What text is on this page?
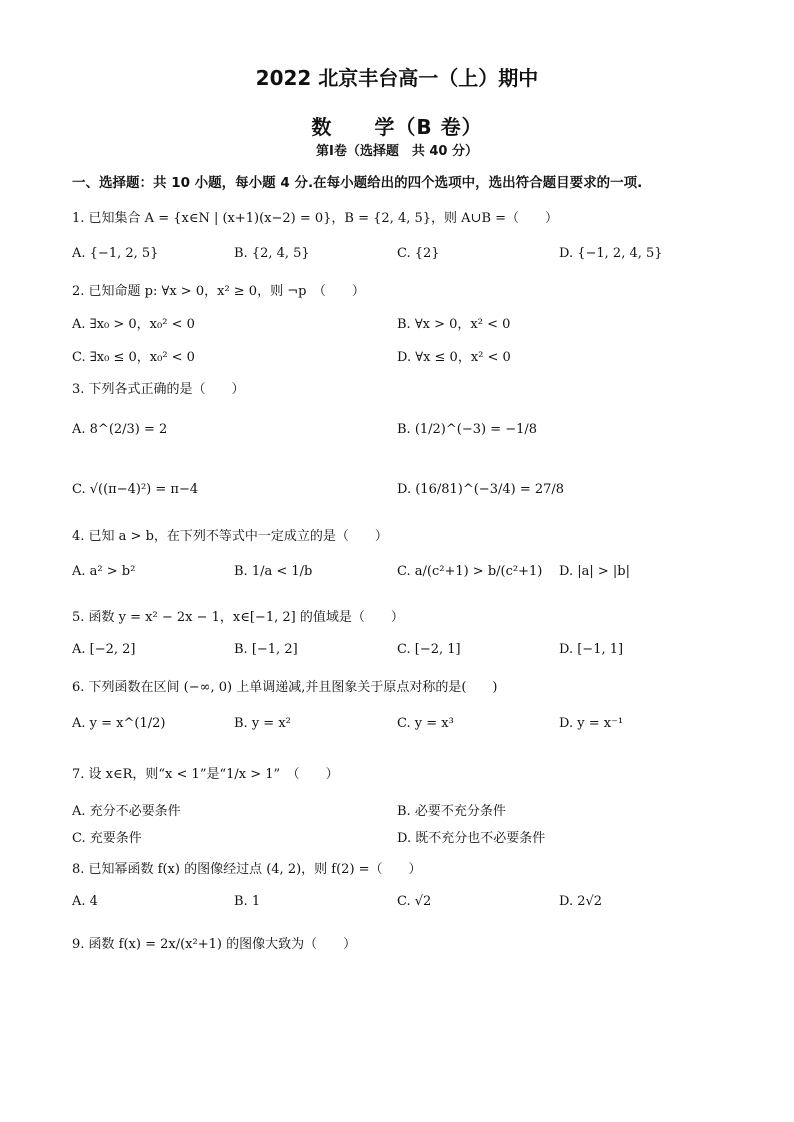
2022 北京丰台高一（上）期中
数　　学（B 卷）
第Ⅰ卷（选择题　共 40 分）
一、选择题：共 10 小题，每小题 4 分.在每小题给出的四个选项中，选出符合题目要求的一项.
1. 已知集合 A = {x∈N | (x+1)(x−2) = 0}，B = {2, 4, 5}，则 A∪B =（　　）
A. {−1, 2, 5}	B. {2, 4, 5}	C. {2}	D. {−1, 2, 4, 5}
2. 已知命题 p: ∀x > 0，x² ≥ 0，则 ¬p　（　　）
A. ∃x₀ > 0，x₀² < 0	B. ∀x > 0，x² < 0
C. ∃x₀ ≤ 0，x₀² < 0	D. ∀x ≤ 0，x² < 0
3. 下列各式正确的是（　　）
A. 8^(2/3) = 2	B. (1/2)^(−3) = −1/8
C. √((π−4)²) = π−4	D. (16/81)^(−3/4) = 27/8
4. 已知 a > b，在下列不等式中一定成立的是（　　）
A. a² > b²	B. 1/a < 1/b	C. a/(c²+1) > b/(c²+1) D. |a| > |b|
5. 函数 y = x² − 2x − 1，x∈[−1, 2] 的值域是（　　）
A. [−2, 2]	B. [−1, 2]	C. [−2, 1]	D. [−1, 1]
6. 下列函数在区间 (−∞, 0) 上单调递减,并且图象关于原点对称的是(　　)
A. y = x^(1/2)	B. y = x²	C. y = x³	D. y = x⁻¹
7. 设 x∈R，则“x < 1”是“1/x > 1”　（　　）
A. 充分不必要条件	B. 必要不充分条件
C. 充要条件	D. 既不充分也不必要条件
8. 已知幂函数 f(x) 的图像经过点 (4, 2)，则 f(2) =（　　）
A. 4	B. 1	C. √2	D. 2√2
9. 函数 f(x) = 2x/(x²+1) 的图像大致为（　　）
